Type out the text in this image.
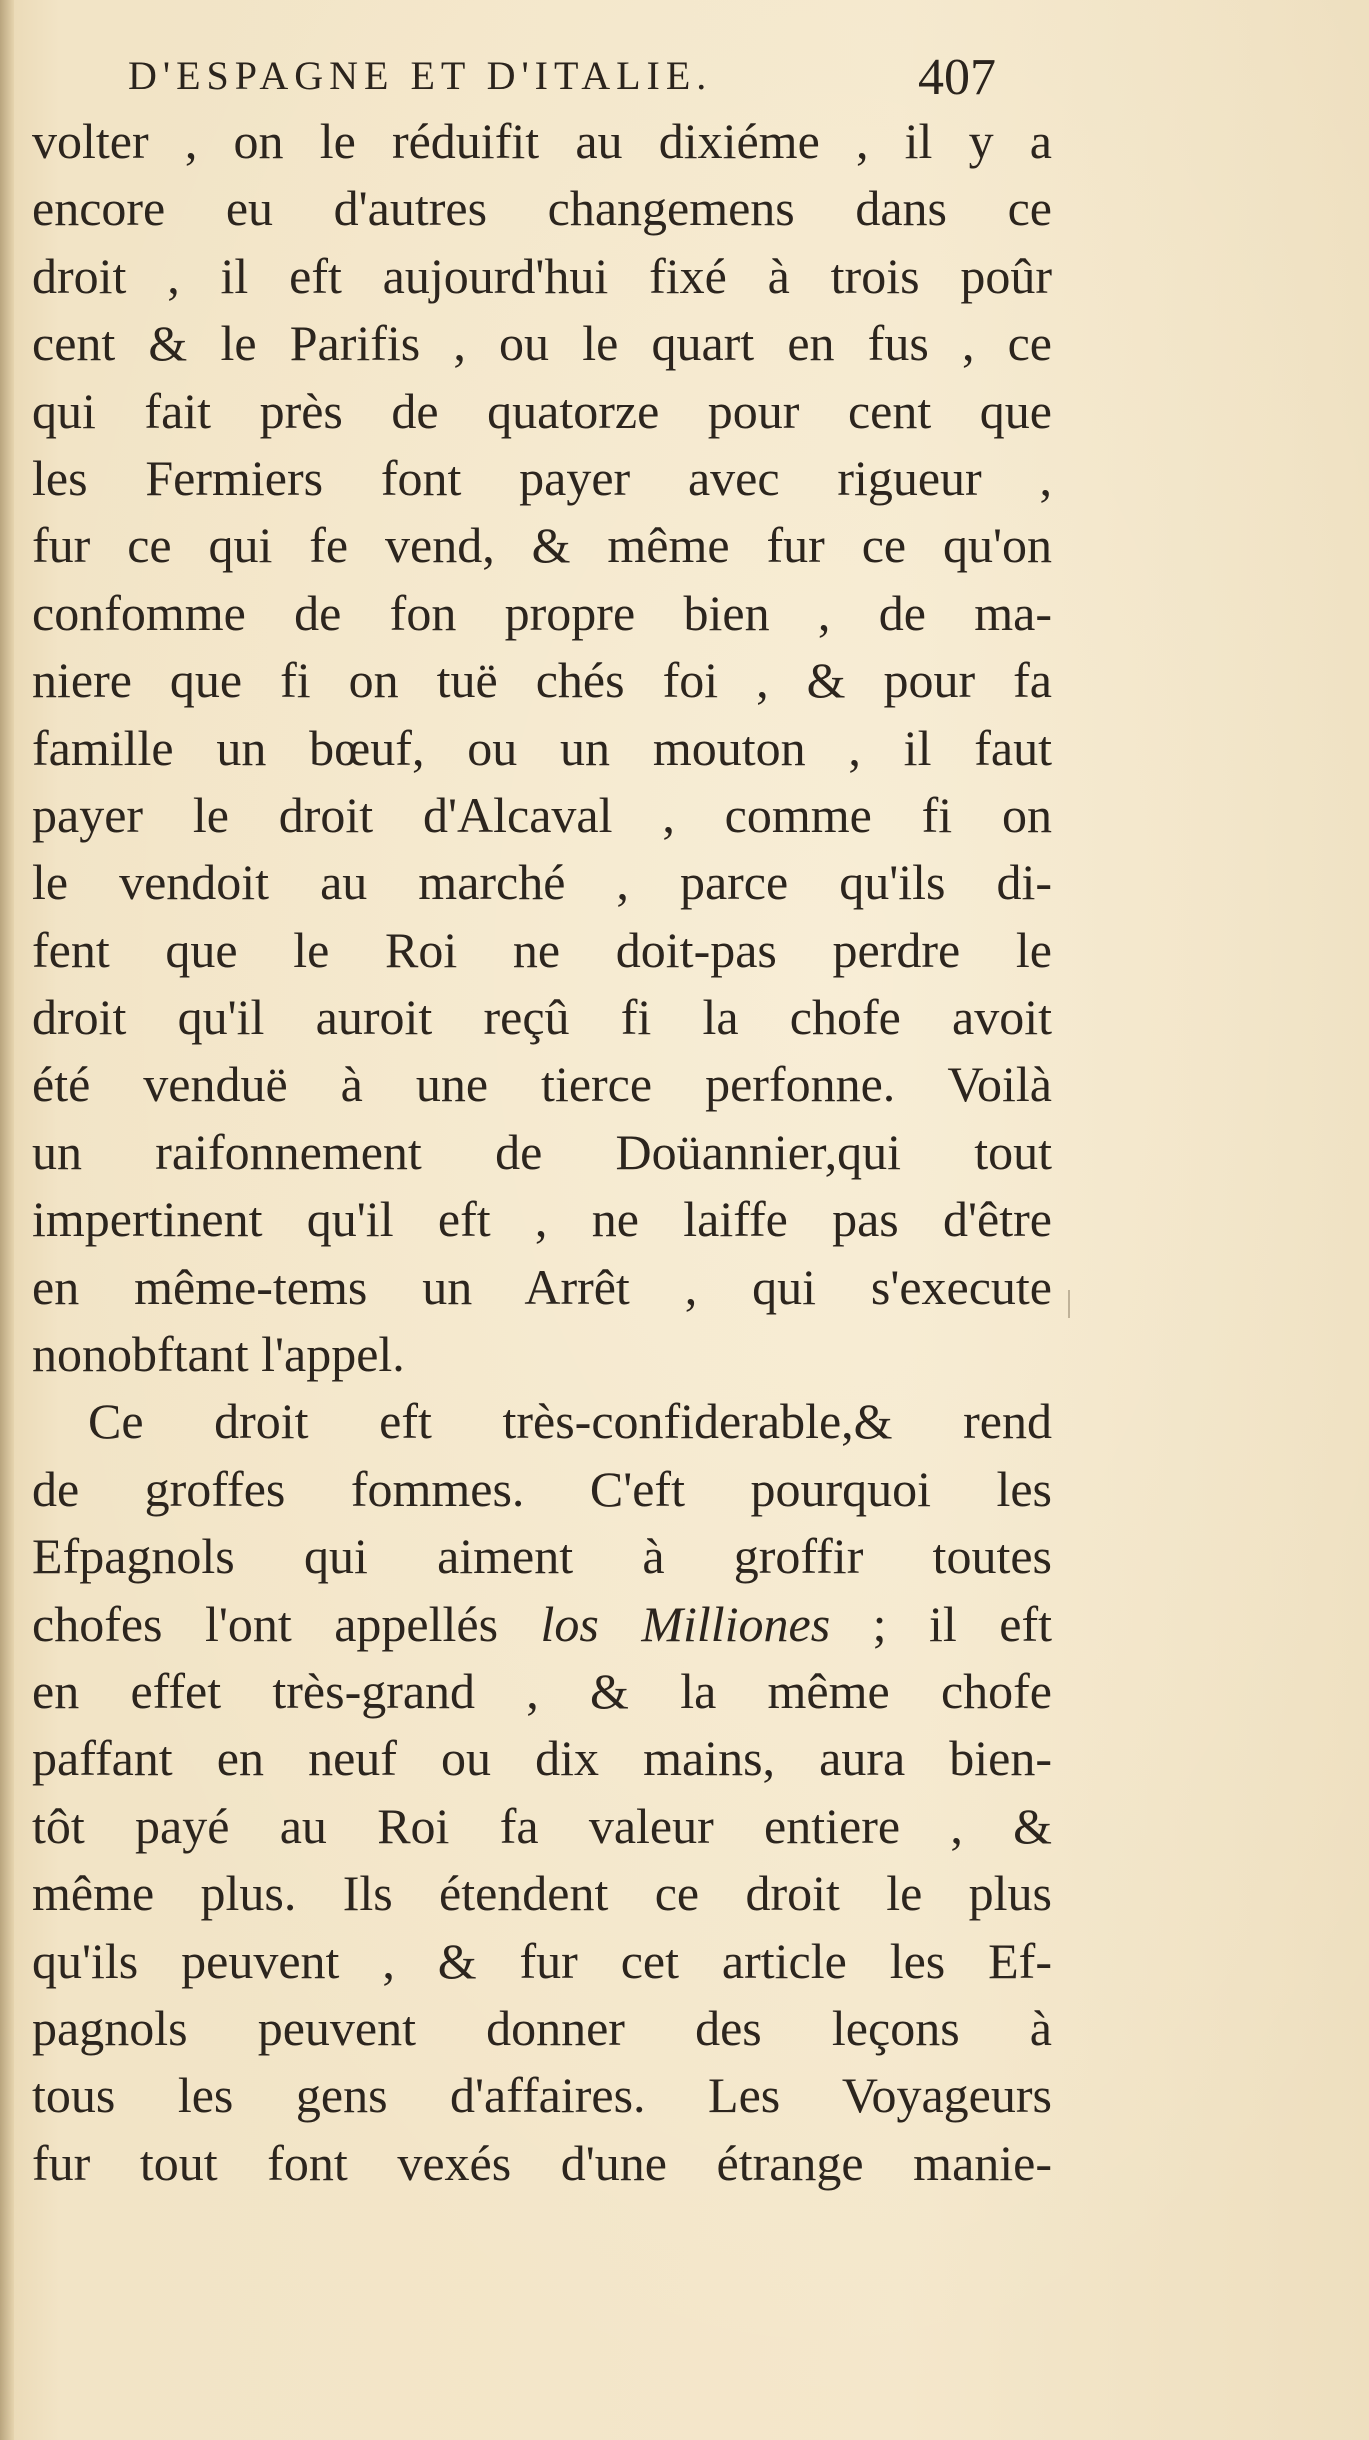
D'ESPAGNE ET D'ITALIE.	407
volter , on le réduifit au dixiéme , il y a
encore eu d'autres changemens dans ce
droit , il eft aujourd'hui fixé à trois poûr
cent & le Parifis , ou le quart en fus , ce
qui fait près de quatorze pour cent que
les Fermiers font payer avec rigueur ,
fur ce qui fe vend, & même fur ce qu'on
confomme de fon propre bien , de ma-
niere que fi on tuë chés foi , & pour fa
famille un bœuf, ou un mouton , il faut
payer le droit d'Alcaval , comme fi on
le vendoit au marché , parce qu'ils di-
fent que le Roi ne doit-pas perdre le
droit qu'il auroit reçû fi la chofe avoit
été venduë à une tierce perfonne. Voilà
un raifonnement de Doüannier,qui tout
impertinent qu'il eft , ne laiffe pas d'être
en même-tems un Arrêt , qui s'execute
nonobftant l'appel.
Ce droit eft très-confiderable,& rend
de groffes fommes. C'eft pourquoi les
Efpagnols qui aiment à groffir toutes
chofes l'ont appellés los Milliones ; il eft
en effet très-grand , & la même chofe
paffant en neuf ou dix mains, aura bien-
tôt payé au Roi fa valeur entiere , &
même plus. Ils étendent ce droit le plus
qu'ils peuvent , & fur cet article les Ef-
pagnols peuvent donner des leçons à
tous les gens d'affaires. Les Voyageurs
fur tout font vexés d'une étrange manie-
